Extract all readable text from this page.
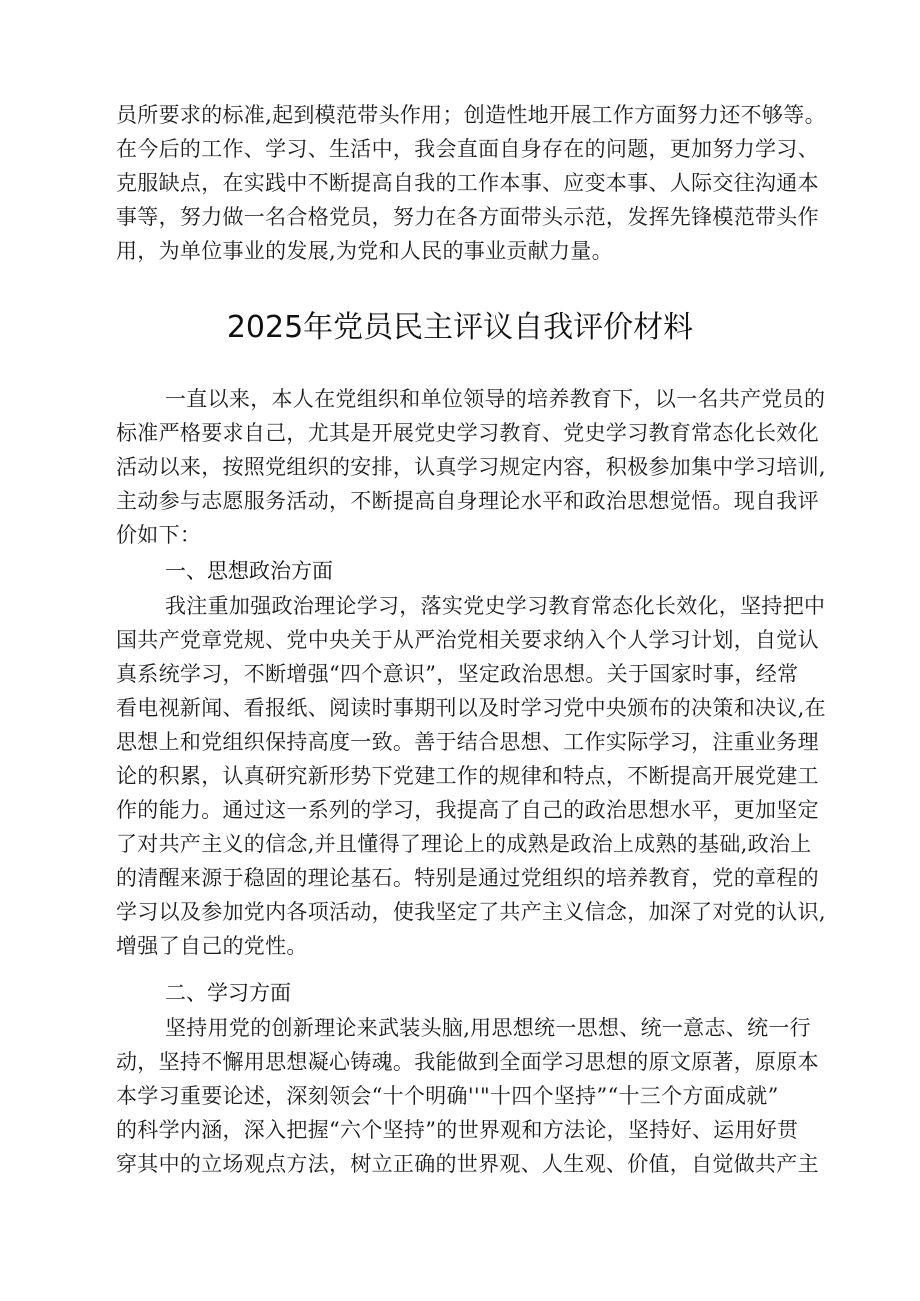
员所要求的标准,起到模范带头作用；创造性地开展工作方面努力还不够等。
在今后的工作、学习、生活中，我会直面自身存在的问题，更加努力学习、
克服缺点，在实践中不断提高自我的工作本事、应变本事、人际交往沟通本
事等，努力做一名合格党员，努力在各方面带头示范，发挥先锋模范带头作
用，为单位事业的发展,为党和人民的事业贡献力量。
2025年党员民主评议自我评价材料
一直以来，本人在党组织和单位领导的培养教育下，以一名共产党员的
标准严格要求自己，尤其是开展党史学习教育、党史学习教育常态化长效化
活动以来，按照党组织的安排，认真学习规定内容，积极参加集中学习培训,
主动参与志愿服务活动，不断提高自身理论水平和政治思想觉悟。现自我评
价如下：
一、思想政治方面
我注重加强政治理论学习，落实党史学习教育常态化长效化，坚持把中
国共产党章党规、党中央关于从严治党相关要求纳入个人学习计划，自觉认
真系统学习，不断增强“四个意识”，坚定政治思想。关于国家时事，经常
看电视新闻、看报纸、阅读时事期刊以及时学习党中央颁布的决策和决议,在
思想上和党组织保持高度一致。善于结合思想、工作实际学习，注重业务理
论的积累，认真研究新形势下党建工作的规律和特点，不断提高开展党建工
作的能力。通过这一系列的学习，我提高了自己的政治思想水平，更加坚定
了对共产主义的信念,并且懂得了理论上的成熟是政治上成熟的基础,政治上
的清醒来源于稳固的理论基石。特别是通过党组织的培养教育，党的章程的
学习以及参加党内各项活动，使我坚定了共产主义信念，加深了对党的认识,
增强了自己的党性。
二、学习方面
坚持用党的创新理论来武装头脑,用思想统一思想、统一意志、统一行
动，坚持不懈用思想凝心铸魂。我能做到全面学习思想的原文原著，原原本
本学习重要论述，深刻领会“十个明确''"十四个坚持”“十三个方面成就”
的科学内涵，深入把握“六个坚持”的世界观和方法论，坚持好、运用好贯
穿其中的立场观点方法，树立正确的世界观、人生观、价值，自觉做共产主
